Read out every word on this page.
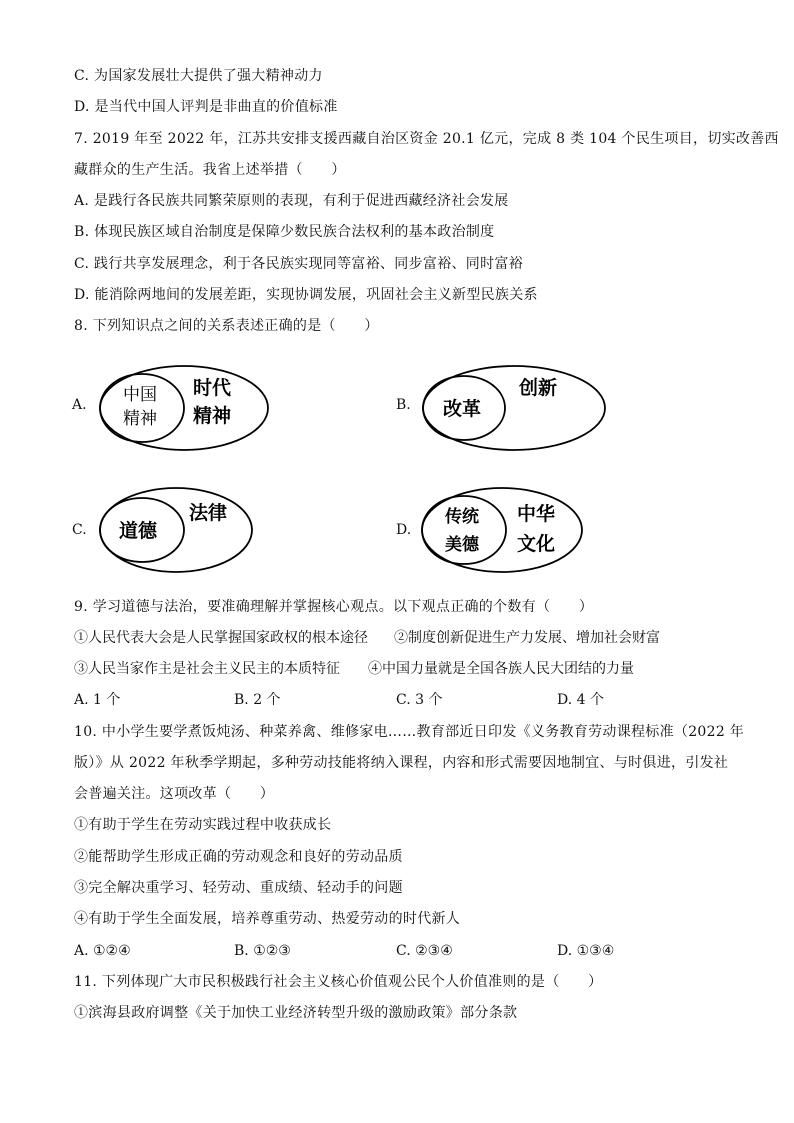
C. 为国家发展壮大提供了强大精神动力
D. 是当代中国人评判是非曲直的价值标准
7. 2019 年至 2022 年，江苏共安排支援西藏自治区资金 20.1 亿元，完成 8 类 104 个民生项目，切实改善西
藏群众的生产生活。我省上述举措（　　）
A. 是践行各民族共同繁荣原则的表现，有利于促进西藏经济社会发展
B. 体现民族区域自治制度是保障少数民族合法权利的基本政治制度
C. 践行共享发展理念，利于各民族实现同等富裕、同步富裕、同时富裕
D. 能消除两地间的发展差距，实现协调发展，巩固社会主义新型民族关系
8. 下列知识点之间的关系表述正确的是（　　）
A. 中国
精神
时代
精神	B. 改革
创新
C. 道德
法律
D.
传统
美德
中华
文化
9. 学习道德与法治，要准确理解并掌握核心观点。以下观点正确的个数有（　　）
①人民代表大会是人民掌握国家政权的根本途径 ②制度创新促进生产力发展、增加社会财富
③人民当家作主是社会主义民主的本质特征 ④中国力量就是全国各族人民大团结的力量
A. 1 个	B. 2 个	C. 3 个	D. 4 个
10. 中小学生要学煮饭炖汤、种菜养禽、维修家电……教育部近日印发《义务教育劳动课程标准（2022 年
版）》从 2022 年秋季学期起，多种劳动技能将纳入课程，内容和形式需要因地制宜、与时俱进，引发社
会普遍关注。这项改革（　　）
①有助于学生在劳动实践过程中收获成长
②能帮助学生形成正确的劳动观念和良好的劳动品质
③完全解决重学习、轻劳动、重成绩、轻动手的问题
④有助于学生全面发展，培养尊重劳动、热爱劳动的时代新人
A. ①②④	B. ①②③	C. ②③④	D. ①③④
11. 下列体现广大市民积极践行社会主义核心价值观公民个人价值准则的是（　　）
①滨海县政府调整《关于加快工业经济转型升级的激励政策》部分条款
